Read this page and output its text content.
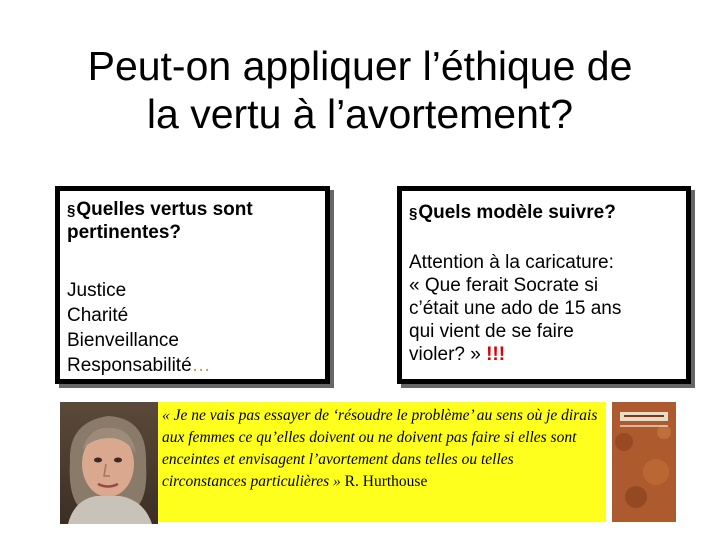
Peut-on appliquer l’éthique de
la vertu à l’avortement?

§Quelles vertus sont pertinentes?

Justice
Charité
Bienveillance
Responsabilité…

§Quels modèle suivre?

Attention à la caricature:
« Que ferait Socrate si
c’était une ado de 15 ans
qui vient de se faire
violer? » !!!
« Je ne vais pas essayer de ‘résoudre le problème’ au sens où je dirais aux femmes ce qu’elles doivent ou ne doivent pas faire si elles sont enceintes et envisagent l’avortement dans telles ou telles circonstances particulières » R. Hurthouse
